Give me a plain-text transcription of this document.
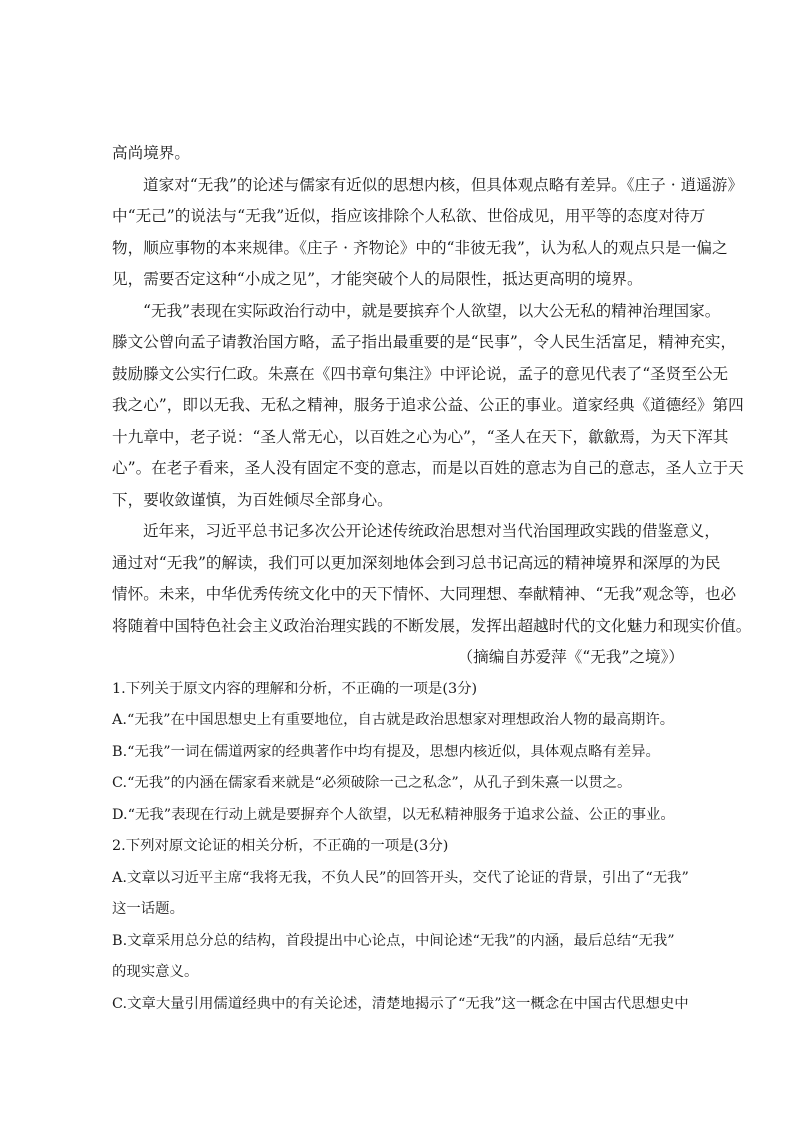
高尚境界。
道家对“无我”的论述与儒家有近似的思想内核，但具体观点略有差异。《庄子 · 逍遥游》
中“无己”的说法与“无我”近似，指应该排除个人私欲、世俗成见，用平等的态度对待万
物，顺应事物的本来规律。《庄子 · 齐物论》中的“非彼无我”，认为私人的观点只是一偏之
见，需要否定这种“小成之见”，才能突破个人的局限性，抵达更高明的境界。
“无我”表现在实际政治行动中，就是要摈弃个人欲望，以大公无私的精神治理国家。
滕文公曾向孟子请教治国方略，孟子指出最重要的是“民事”，令人民生活富足，精神充实，
鼓励滕文公实行仁政。朱熹在《四书章句集注》中评论说，孟子的意见代表了“圣贤至公无
我之心”，即以无我、无私之精神，服务于追求公益、公正的事业。道家经典《道德经》第四
十九章中，老子说：“圣人常无心，以百姓之心为心”，“圣人在天下，歙歙焉，为天下浑其
心”。在老子看来，圣人没有固定不变的意志，而是以百姓的意志为自己的意志，圣人立于天
下，要收敛谨慎，为百姓倾尽全部身心。
近年来，习近平总书记多次公开论述传统政治思想对当代治国理政实践的借鉴意义，
通过对“无我”的解读，我们可以更加深刻地体会到习总书记高远的精神境界和深厚的为民
情怀。未来，中华优秀传统文化中的天下情怀、大同理想、奉献精神、“无我”观念等，也必
将随着中国特色社会主义政治治理实践的不断发展，发挥出超越时代的文化魅力和现实价值。
（摘编自苏爱萍《“无我”之境》）
1.下列关于原文内容的理解和分析，不正确的一项是(3分)
A.“无我”在中国思想史上有重要地位，自古就是政治思想家对理想政治人物的最高期许。
B.“无我”一词在儒道两家的经典著作中均有提及，思想内核近似，具体观点略有差异。
C.“无我”的内涵在儒家看来就是“必须破除一己之私念”，从孔子到朱熹一以贯之。
D.“无我”表现在行动上就是要摒弃个人欲望，以无私精神服务于追求公益、公正的事业。
2.下列对原文论证的相关分析，不正确的一项是(3分)
A.文章以习近平主席“我将无我，不负人民”的回答开头，交代了论证的背景，引出了“无我”
这一话题。
B.文章采用总分总的结构，首段提出中心论点，中间论述“无我”的内涵，最后总结“无我”
的现实意义。
C.文章大量引用儒道经典中的有关论述，清楚地揭示了“无我”这一概念在中国古代思想史中
